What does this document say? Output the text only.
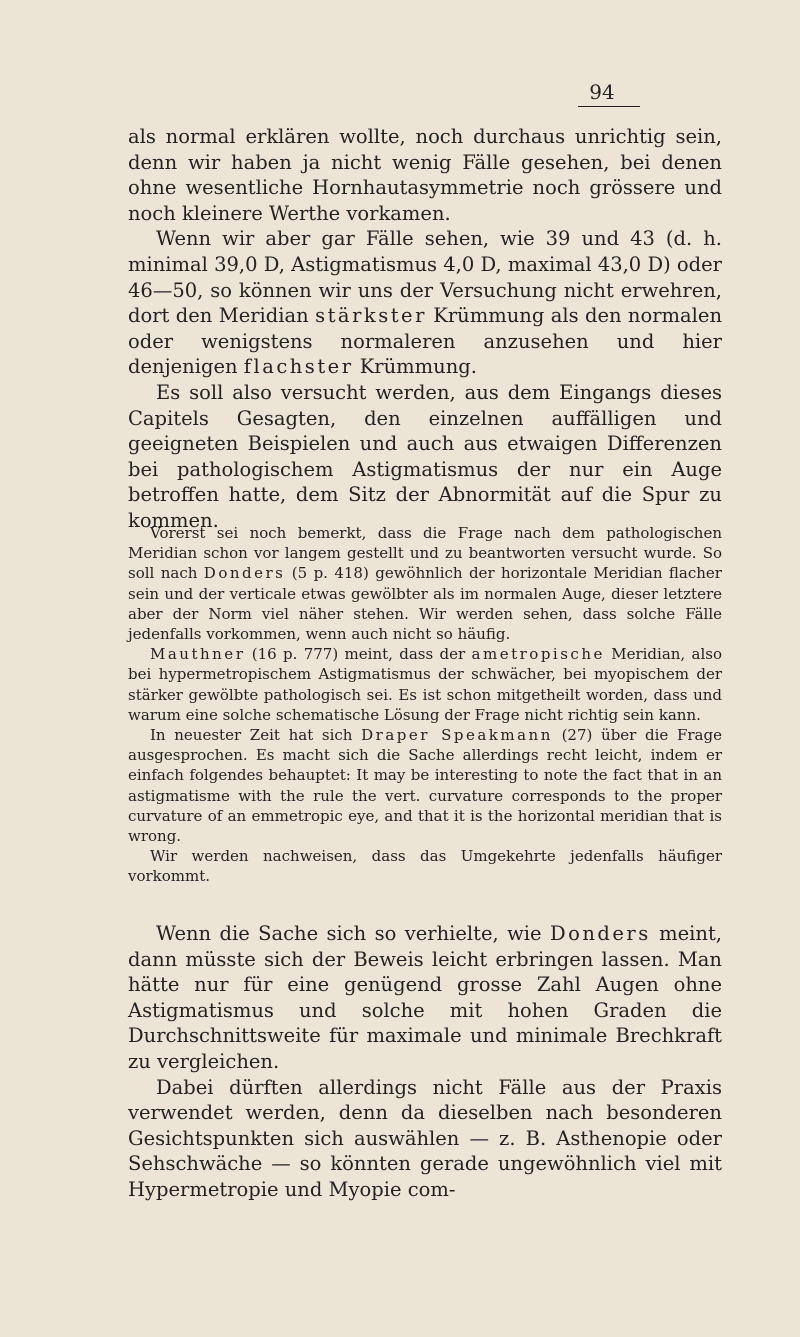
94

als normal erklären wollte, noch durchaus unrichtig sein, denn wir haben ja nicht wenig Fälle gesehen, bei denen ohne wesentliche Hornhautasymmetrie noch grössere und noch kleinere Werthe vorkamen.

Wenn wir aber gar Fälle sehen, wie 39 und 43 (d. h. minimal 39,0 D, Astigmatismus 4,0 D, maximal 43,0 D) oder 46—50, so können wir uns der Versuchung nicht erwehren, dort den Meridian stärkster Krümmung als den normalen oder wenigstens normaleren anzusehen und hier denjenigen flachster Krümmung.

Es soll also versucht werden, aus dem Eingangs dieses Capitels Gesagten, den einzelnen auffälligen und geeigneten Beispielen und auch aus etwaigen Differenzen bei pathologischem Astigmatismus der nur ein Auge betroffen hatte, dem Sitz der Abnormität auf die Spur zu kommen.

Vorerst sei noch bemerkt, dass die Frage nach dem pathologischen Meridian schon vor langem gestellt und zu beantworten versucht wurde. So soll nach Donders (5 p. 418) gewöhnlich der horizontale Meridian flacher sein und der verticale etwas gewölbter als im normalen Auge, dieser letztere aber der Norm viel näher stehen. Wir werden sehen, dass solche Fälle jedenfalls vorkommen, wenn auch nicht so häufig.

Mauthner (16 p. 777) meint, dass der ametropische Meridian, also bei hypermetropischem Astigmatismus der schwächer, bei myopischem der stärker gewölbte pathologisch sei. Es ist schon mitgetheilt worden, dass und warum eine solche schematische Lösung der Frage nicht richtig sein kann.

In neuester Zeit hat sich Draper Speakmann (27) über die Frage ausgesprochen. Es macht sich die Sache allerdings recht leicht, indem er einfach folgendes behauptet: It may be interesting to note the fact that in an astigmatisme with the rule the vert. curvature corresponds to the proper curvature of an emmetropic eye, and that it is the horizontal meridian that is wrong.

Wir werden nachweisen, dass das Umgekehrte jedenfalls häufiger vorkommt.

Wenn die Sache sich so verhielte, wie Donders meint, dann müsste sich der Beweis leicht erbringen lassen. Man hätte nur für eine genügend grosse Zahl Augen ohne Astigmatismus und solche mit hohen Graden die Durchschnittsweite für maximale und minimale Brechkraft zu vergleichen.

Dabei dürften allerdings nicht Fälle aus der Praxis verwendet werden, denn da dieselben nach besonderen Gesichtspunkten sich auswählen — z. B. Asthenopie oder Sehschwäche — so könnten gerade ungewöhnlich viel mit Hypermetropie und Myopie com-
